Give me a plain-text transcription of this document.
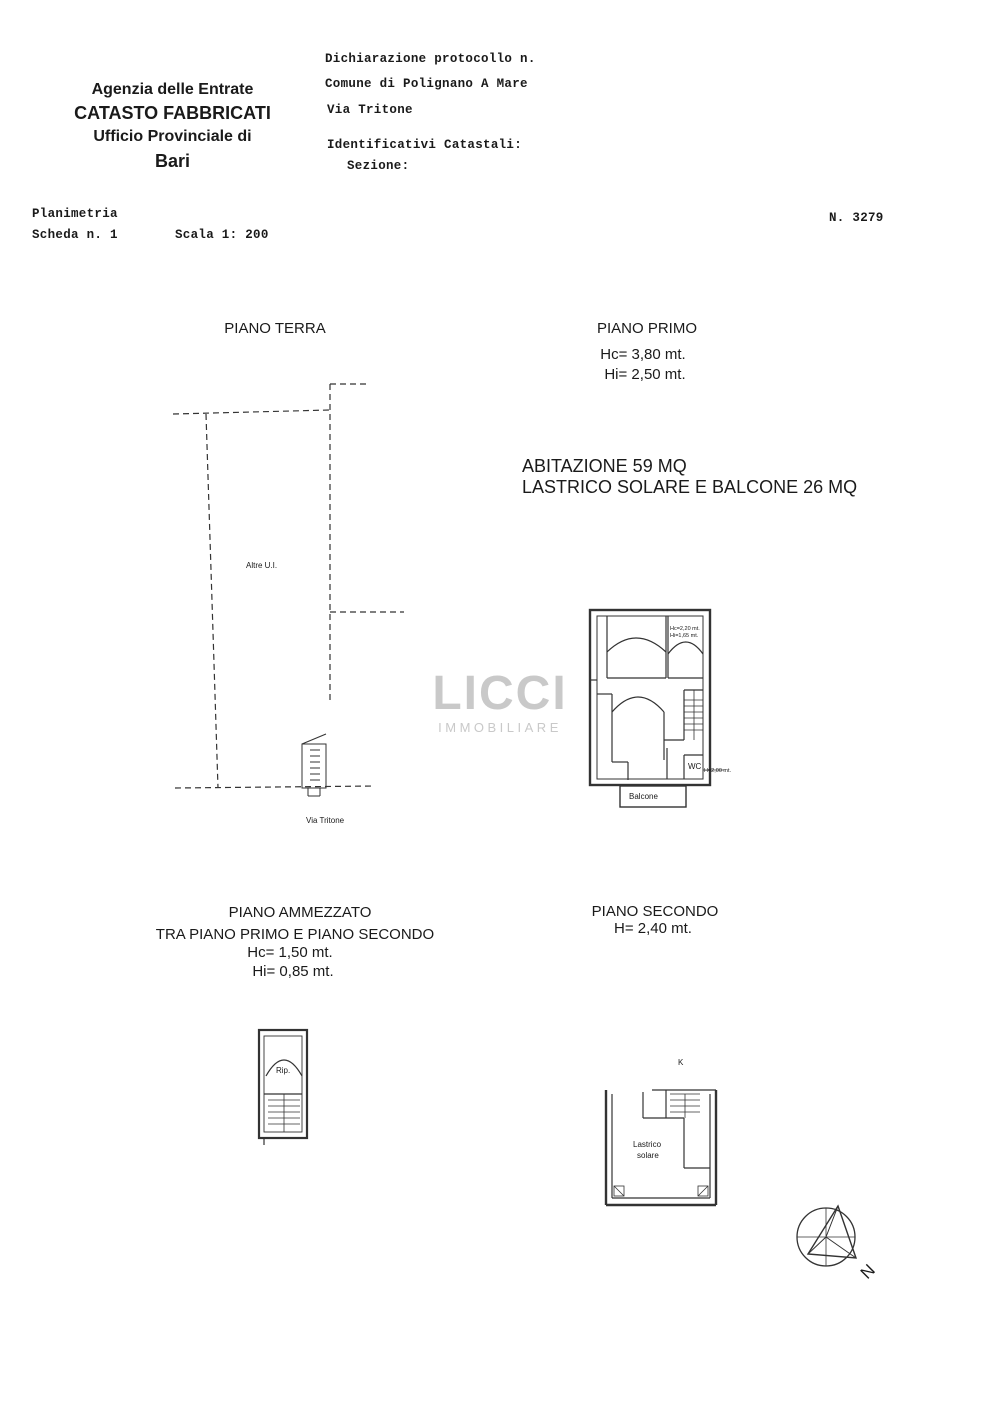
Agenzia delle Entrate
CATASTO FABBRICATI
Ufficio Provinciale di
Bari
Dichiarazione protocollo n.
Comune di Polignano A Mare
Via Tritone
Identificativi Catastali:
Sezione:
Planimetria
Scheda n. 1	Scala 1: 200
N. 3279
PIANO TERRA	PIANO PRIMO
Hc= 3,80 mt.
Hi= 2,50 mt.
ABITAZIONE 59 MQ
LASTRICO SOLARE E BALCONE 26 MQ
PIANO AMMEZZATO
TRA PIANO PRIMO E PIANO SECONDO
Hc= 1,50 mt.
Hi= 0,85 mt.
PIANO SECONDO
H= 2,40 mt.
LICCI
IMMOBILIARE
Altre U.I.
Via Tritone
Hc=2,20 mt.
Hi=1,65 mt.
WC H=2,00 mt.
Balcone
Rip.
K
Lastrico
solare
N
